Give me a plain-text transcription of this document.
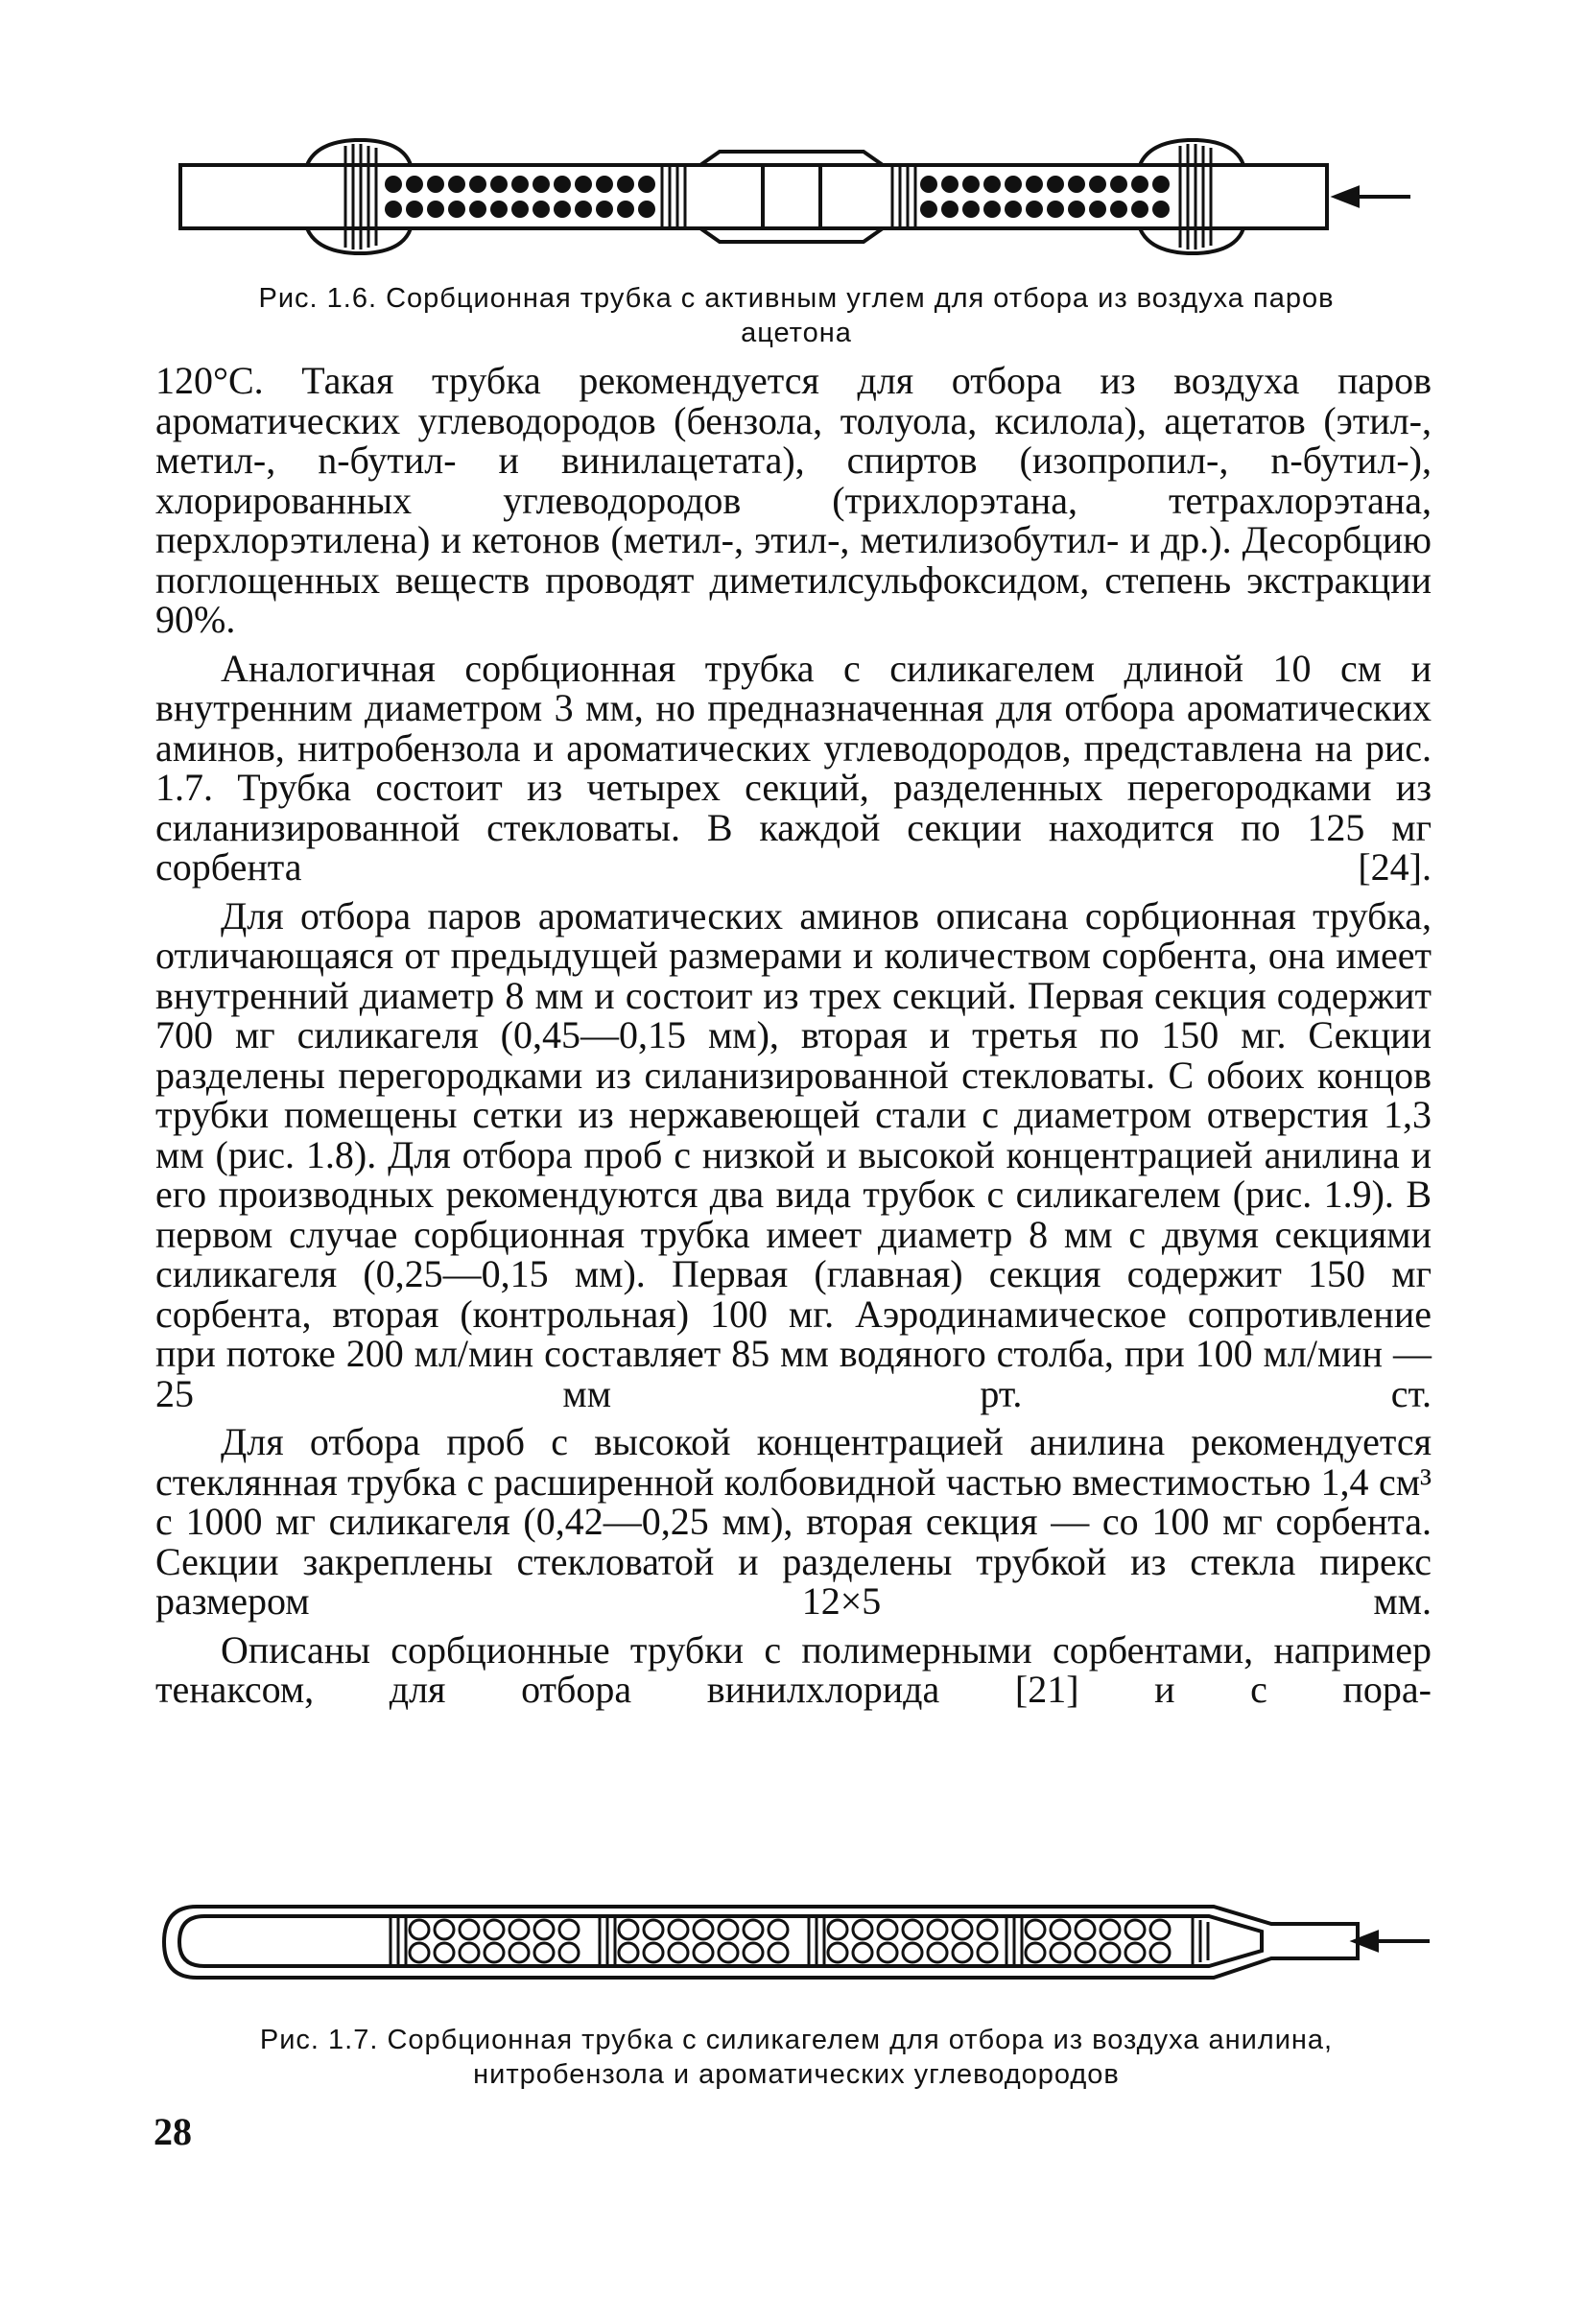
Рис. 1.6. Сорбционная трубка с активным углем для отбора из воздуха паров
ацетона

120°С. Такая трубка рекомендуется для отбора из воздуха паров ароматических углеводородов (бензола, толуола, ксилола), ацетатов (этил-, метил-, n-бутил- и винилацетата), спиртов (изопропил-, n-бутил-), хлорированных углеводородов (трихлорэтана, тетрахлорэтана, перхлорэтилена) и кетонов (метил-, этил-, метилизобутил- и др.). Десорбцию поглощенных веществ проводят диметилсульфоксидом, степень экстракции 90%.

Аналогичная сорбционная трубка с силикагелем длиной 10 см и внутренним диаметром 3 мм, но предназначенная для отбора ароматических аминов, нитробензола и ароматических углеводородов, представлена на рис. 1.7. Трубка состоит из четырех секций, разделенных перегородками из силанизированной стекловаты. В каждой секции находится по 125 мг сорбента [24].

Для отбора паров ароматических аминов описана сорбционная трубка, отличающаяся от предыдущей размерами и количеством сорбента, она имеет внутренний диаметр 8 мм и состоит из трех секций. Первая секция содержит 700 мг силикагеля (0,45—0,15 мм), вторая и третья по 150 мг. Секции разделены перегородками из силанизированной стекловаты. С обоих концов трубки помещены сетки из нержавеющей стали с диаметром отверстия 1,3 мм (рис. 1.8). Для отбора проб с низкой и высокой концентрацией анилина и его производных рекомендуются два вида трубок с силикагелем (рис. 1.9). В первом случае сорбционная трубка имеет диаметр 8 мм с двумя секциями силикагеля (0,25—0,15 мм). Первая (главная) секция содержит 150 мг сорбента, вторая (контрольная) 100 мг. Аэродинамическое сопротивление при потоке 200 мл/мин составляет 85 мм водяного столба, при 100 мл/мин — 25 мм рт. ст.

Для отбора проб с высокой концентрацией анилина рекомендуется стеклянная трубка с расширенной колбовидной частью вместимостью 1,4 см³ с 1000 мг силикагеля (0,42—0,25 мм), вторая секция — со 100 мг сорбента. Секции закреплены стекловатой и разделены трубкой из стекла пирекс размером 12×5 мм.

Описаны сорбционные трубки с полимерными сорбентами, например тенаксом, для отбора винилхлорида [21] и с пора-

Рис. 1.7. Сорбционная трубка с силикагелем для отбора из воздуха анилина,
нитробензола и ароматических углеводородов
28
